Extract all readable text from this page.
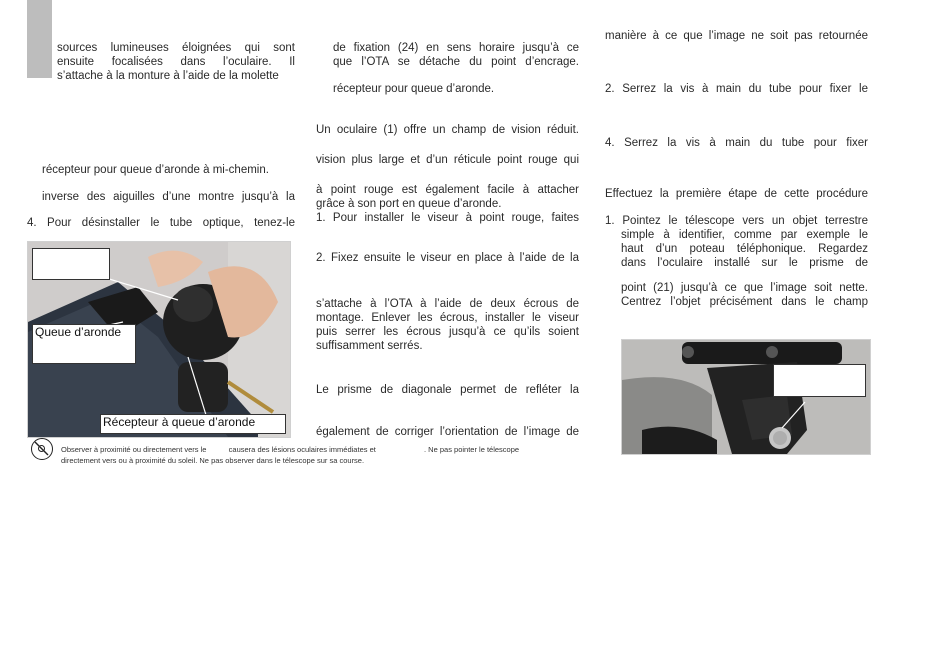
sources lumineuses éloignées qui sont
ensuite focalisées dans l’oculaire. Il
s’attache à la monture à l’aide de la molette
récepteur pour queue d’aronde à mi-chemin.
inverse des aiguilles d’une montre jusqu’à la
4. Pour désinstaller le tube optique, tenez-le
Queue d’aronde
Récepteur à queue d’aronde
Observer à proximité ou directement vers le	causera des lésions oculaires immédiates et	. Ne pas pointer le télescope
directement vers ou à proximité du soleil. Ne pas observer dans le télescope sur sa course.
de fixation (24) en sens horaire jusqu’à ce
que l’OTA se détache du point d’encrage.
récepteur pour queue d’aronde.
Un oculaire (1) offre un champ de vision réduit.
vision plus large et d’un réticule point rouge qui
à point rouge est également facile à attacher
grâce à son port en queue d’aronde.
1. Pour installer le viseur à point rouge, faites
2. Fixez ensuite le viseur en place à l’aide de la
s’attache à l’OTA à l’aide de deux écrous de
montage. Enlever les écrous, installer le viseur
puis serrer les écrous jusqu’à ce qu’ils soient
suffisamment serrés.
Le prisme de diagonale permet de refléter la
également de corriger l’orientation de l’image de
manière à ce que l’image ne soit pas retournée
2. Serrez la vis à main du tube pour fixer le
4. Serrez la vis à main du tube pour fixer
Effectuez la première étape de cette procédure
1. Pointez le télescope vers un objet terrestre
simple à identifier, comme par exemple le
haut d’un poteau téléphonique. Regardez
dans l’oculaire installé sur le prisme de
point (21) jusqu’à ce que l’image soit nette.
Centrez l’objet précisément dans le champ
